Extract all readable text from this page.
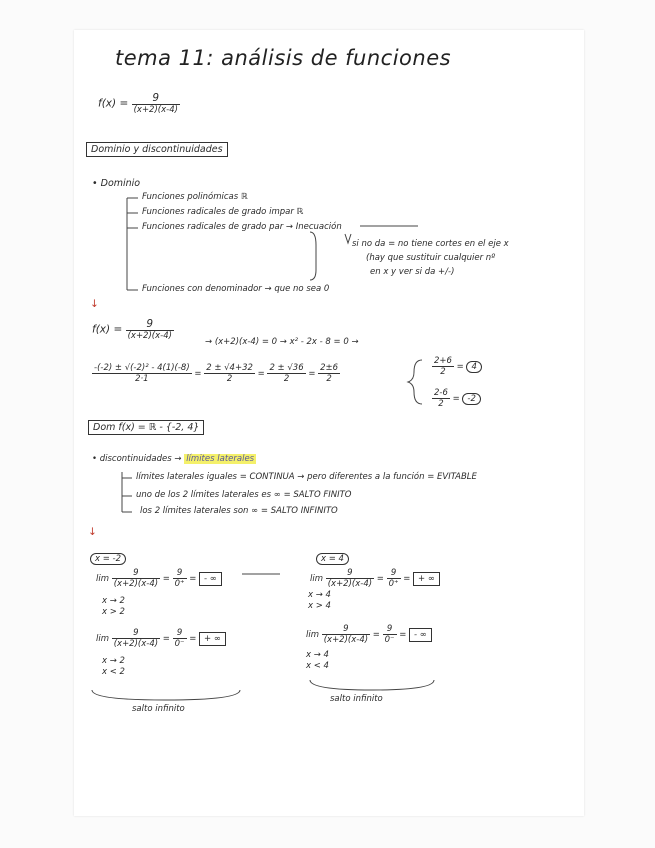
tema 11: análisis de funciones
$f(x) = \frac{9}{(x+2)(x-4)}$
Dominio y discontinuidades
• Dominio
Funciones polinómicas ℝ
Funciones radicales de grado impar ℝ
Funciones radicales de grado par → Inecuación
si no da = no tiene cortes en el eje x
(hay que sustituir cualquier nº
en x y ver si da +/-)
Funciones con denominador → que no sea 0
↓
$f(x) = \frac{9}{(x+2)(x-4)}$
→ (x+2)(x-4) = 0 → x² - 2x - 8 = 0 →
$\frac{\text{-(-2) ± √(-2)² - 4(1)(-8)}}{2\cdot 1} = \frac{2 \pm √4+32}{2} = \frac{2 \pm √36}{2} = \frac{2\pm 6}{2}$	$\frac{2+6}{2} = 4$
$\frac{2-6}{2} = -2$
Dom f(x) = ℝ - {-2, 4}
• discontinuidades → límites laterales
límites laterales iguales = CONTINUA → pero diferentes a la función = EVITABLE
uno de los 2 límites laterales es ∞ = SALTO FINITO
los 2 límites laterales son ∞ = SALTO INFINITO
↓
x = -2	x = 4
$\lim \frac{9}{(x+2)(x-4)} = \frac{9}{0^+}$ = - ∞
x → 2
x > 2
$\lim \frac{9}{(x+2)(x-4)} = \frac{9}{0^-}$ = + ∞
x → 2
x < 2
$\lim \frac{9}{(x+2)(x-4)} = \frac{9}{0^+}$ = + ∞
x → 4
x > 4
$\lim \frac{9}{(x+2)(x-4)} = \frac{9}{0^-}$ = - ∞
x → 4
x < 4
salto infinito
salto infinito
